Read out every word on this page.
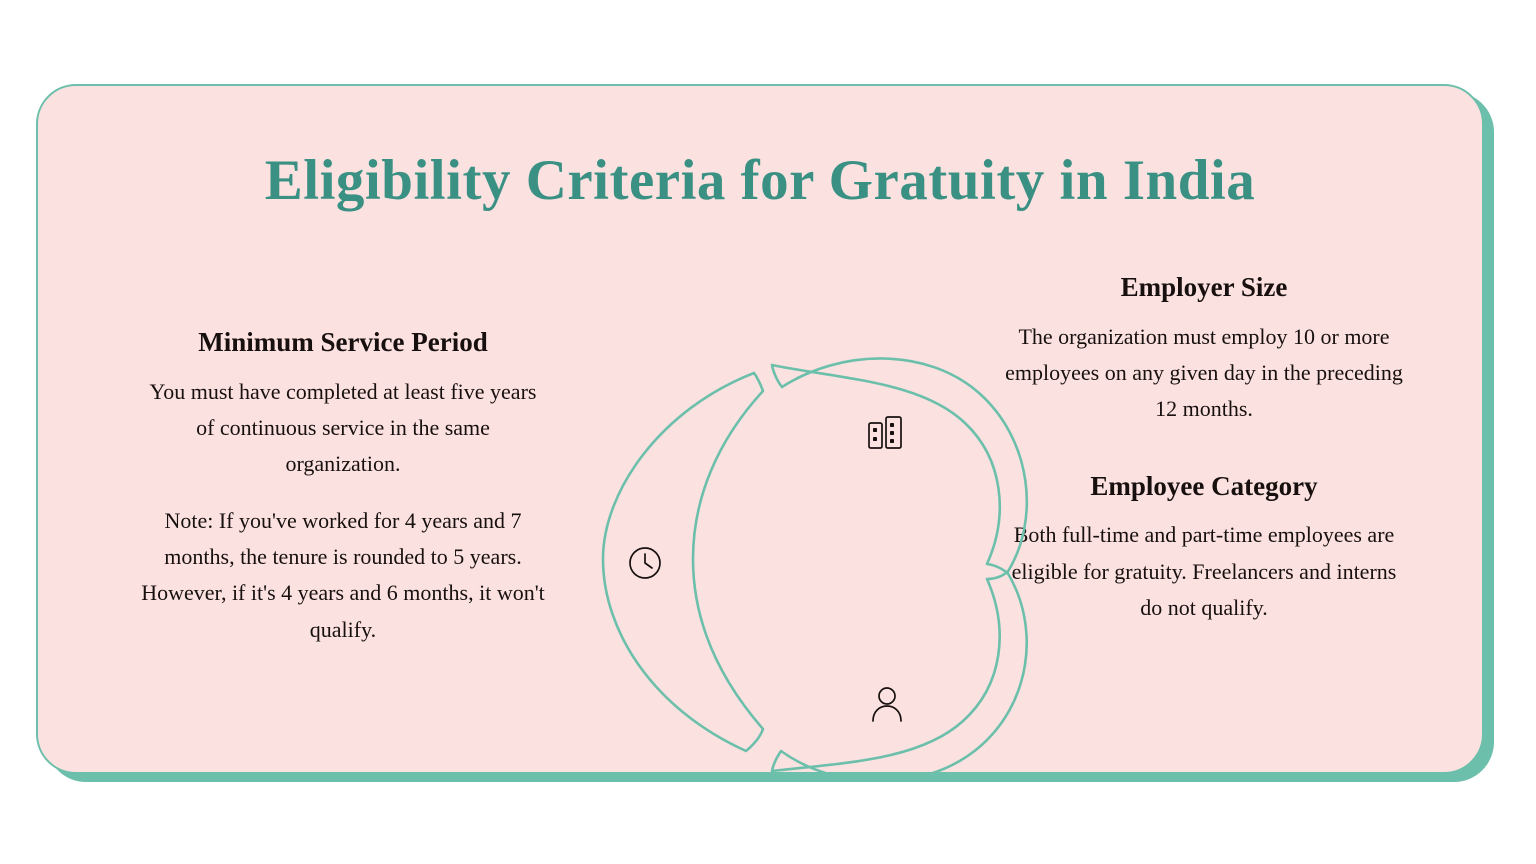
Eligibility Criteria for Gratuity in India
Minimum Service Period

You must have completed at least five years of continuous service in the same organization.

Note: If you've worked for 4 years and 7 months, the tenure is rounded to 5 years. However, if it's 4 years and 6 months, it won't qualify.

Employer Size

The organization must employ 10 or more employees on any given day in the preceding 12 months.

Employee Category

Both full-time and part-time employees are eligible for gratuity. Freelancers and interns do not qualify.
